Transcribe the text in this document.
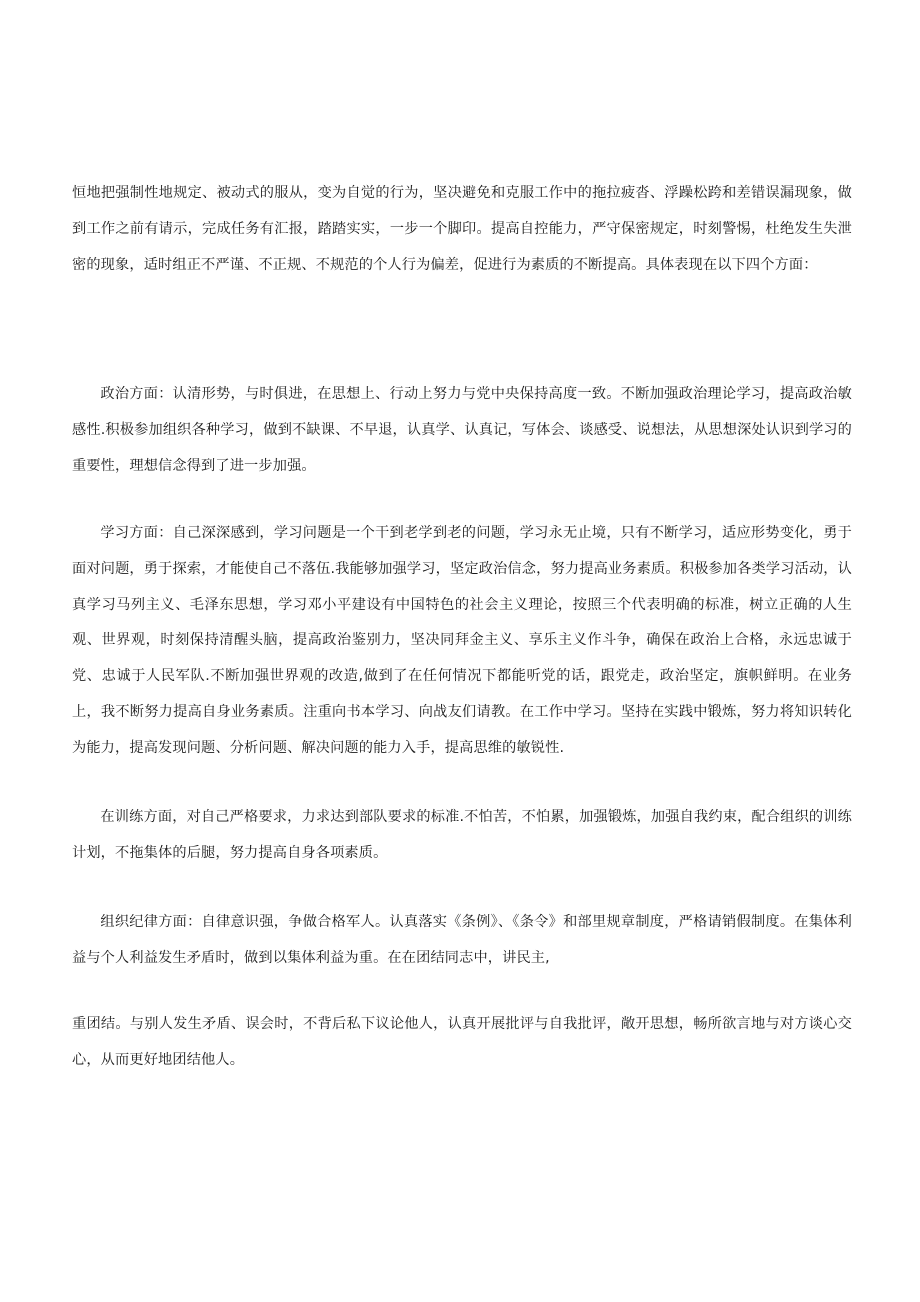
恒地把强制性地规定、被动式的服从，变为自觉的行为，坚决避免和克服工作中的拖拉疲沓、浮躁松跨和差错误漏现象，做到工作之前有请示，完成任务有汇报，踏踏实实，一步一个脚印。提高自控能力，严守保密规定，时刻警惕，杜绝发生失泄密的现象，适时组正不严谨、不正规、不规范的个人行为偏差，促进行为素质的不断提高。具体表现在以下四个方面：

政治方面：认清形势，与时俱进，在思想上、行动上努力与党中央保持高度一致。不断加强政治理论学习，提高政治敏感性.积极参加组织各种学习，做到不缺课、不早退，认真学、认真记，写体会、谈感受、说想法，从思想深处认识到学习的重要性，理想信念得到了进一步加强。

学习方面：自己深深感到，学习问题是一个干到老学到老的问题，学习永无止境，只有不断学习，适应形势变化，勇于面对问题，勇于探索，才能使自己不落伍.我能够加强学习，坚定政治信念，努力提高业务素质。积极参加各类学习活动，认真学习马列主义、毛泽东思想，学习邓小平建设有中国特色的社会主义理论，按照三个代表明确的标准，树立正确的人生观、世界观，时刻保持清醒头脑，提高政治鉴别力，坚决同拜金主义、享乐主义作斗争，确保在政治上合格，永远忠诚于党、忠诚于人民军队.不断加强世界观的改造,做到了在任何情况下都能听党的话，跟党走，政治坚定，旗帜鲜明。在业务上，我不断努力提高自身业务素质。注重向书本学习、向战友们请教。在工作中学习。坚持在实践中锻炼，努力将知识转化为能力，提高发现问题、分析问题、解决问题的能力入手，提高思维的敏锐性.

在训练方面，对自己严格要求，力求达到部队要求的标准.不怕苦，不怕累，加强锻炼，加强自我约束，配合组织的训练计划，不拖集体的后腿，努力提高自身各项素质。

组织纪律方面：自律意识强，争做合格军人。认真落实《条例》、《条令》和部里规章制度，严格请销假制度。在集体利益与个人利益发生矛盾时，做到以集体利益为重。在在团结同志中，讲民主,

重团结。与别人发生矛盾、误会时，不背后私下议论他人，认真开展批评与自我批评，敞开思想，畅所欲言地与对方谈心交心，从而更好地团结他人。
